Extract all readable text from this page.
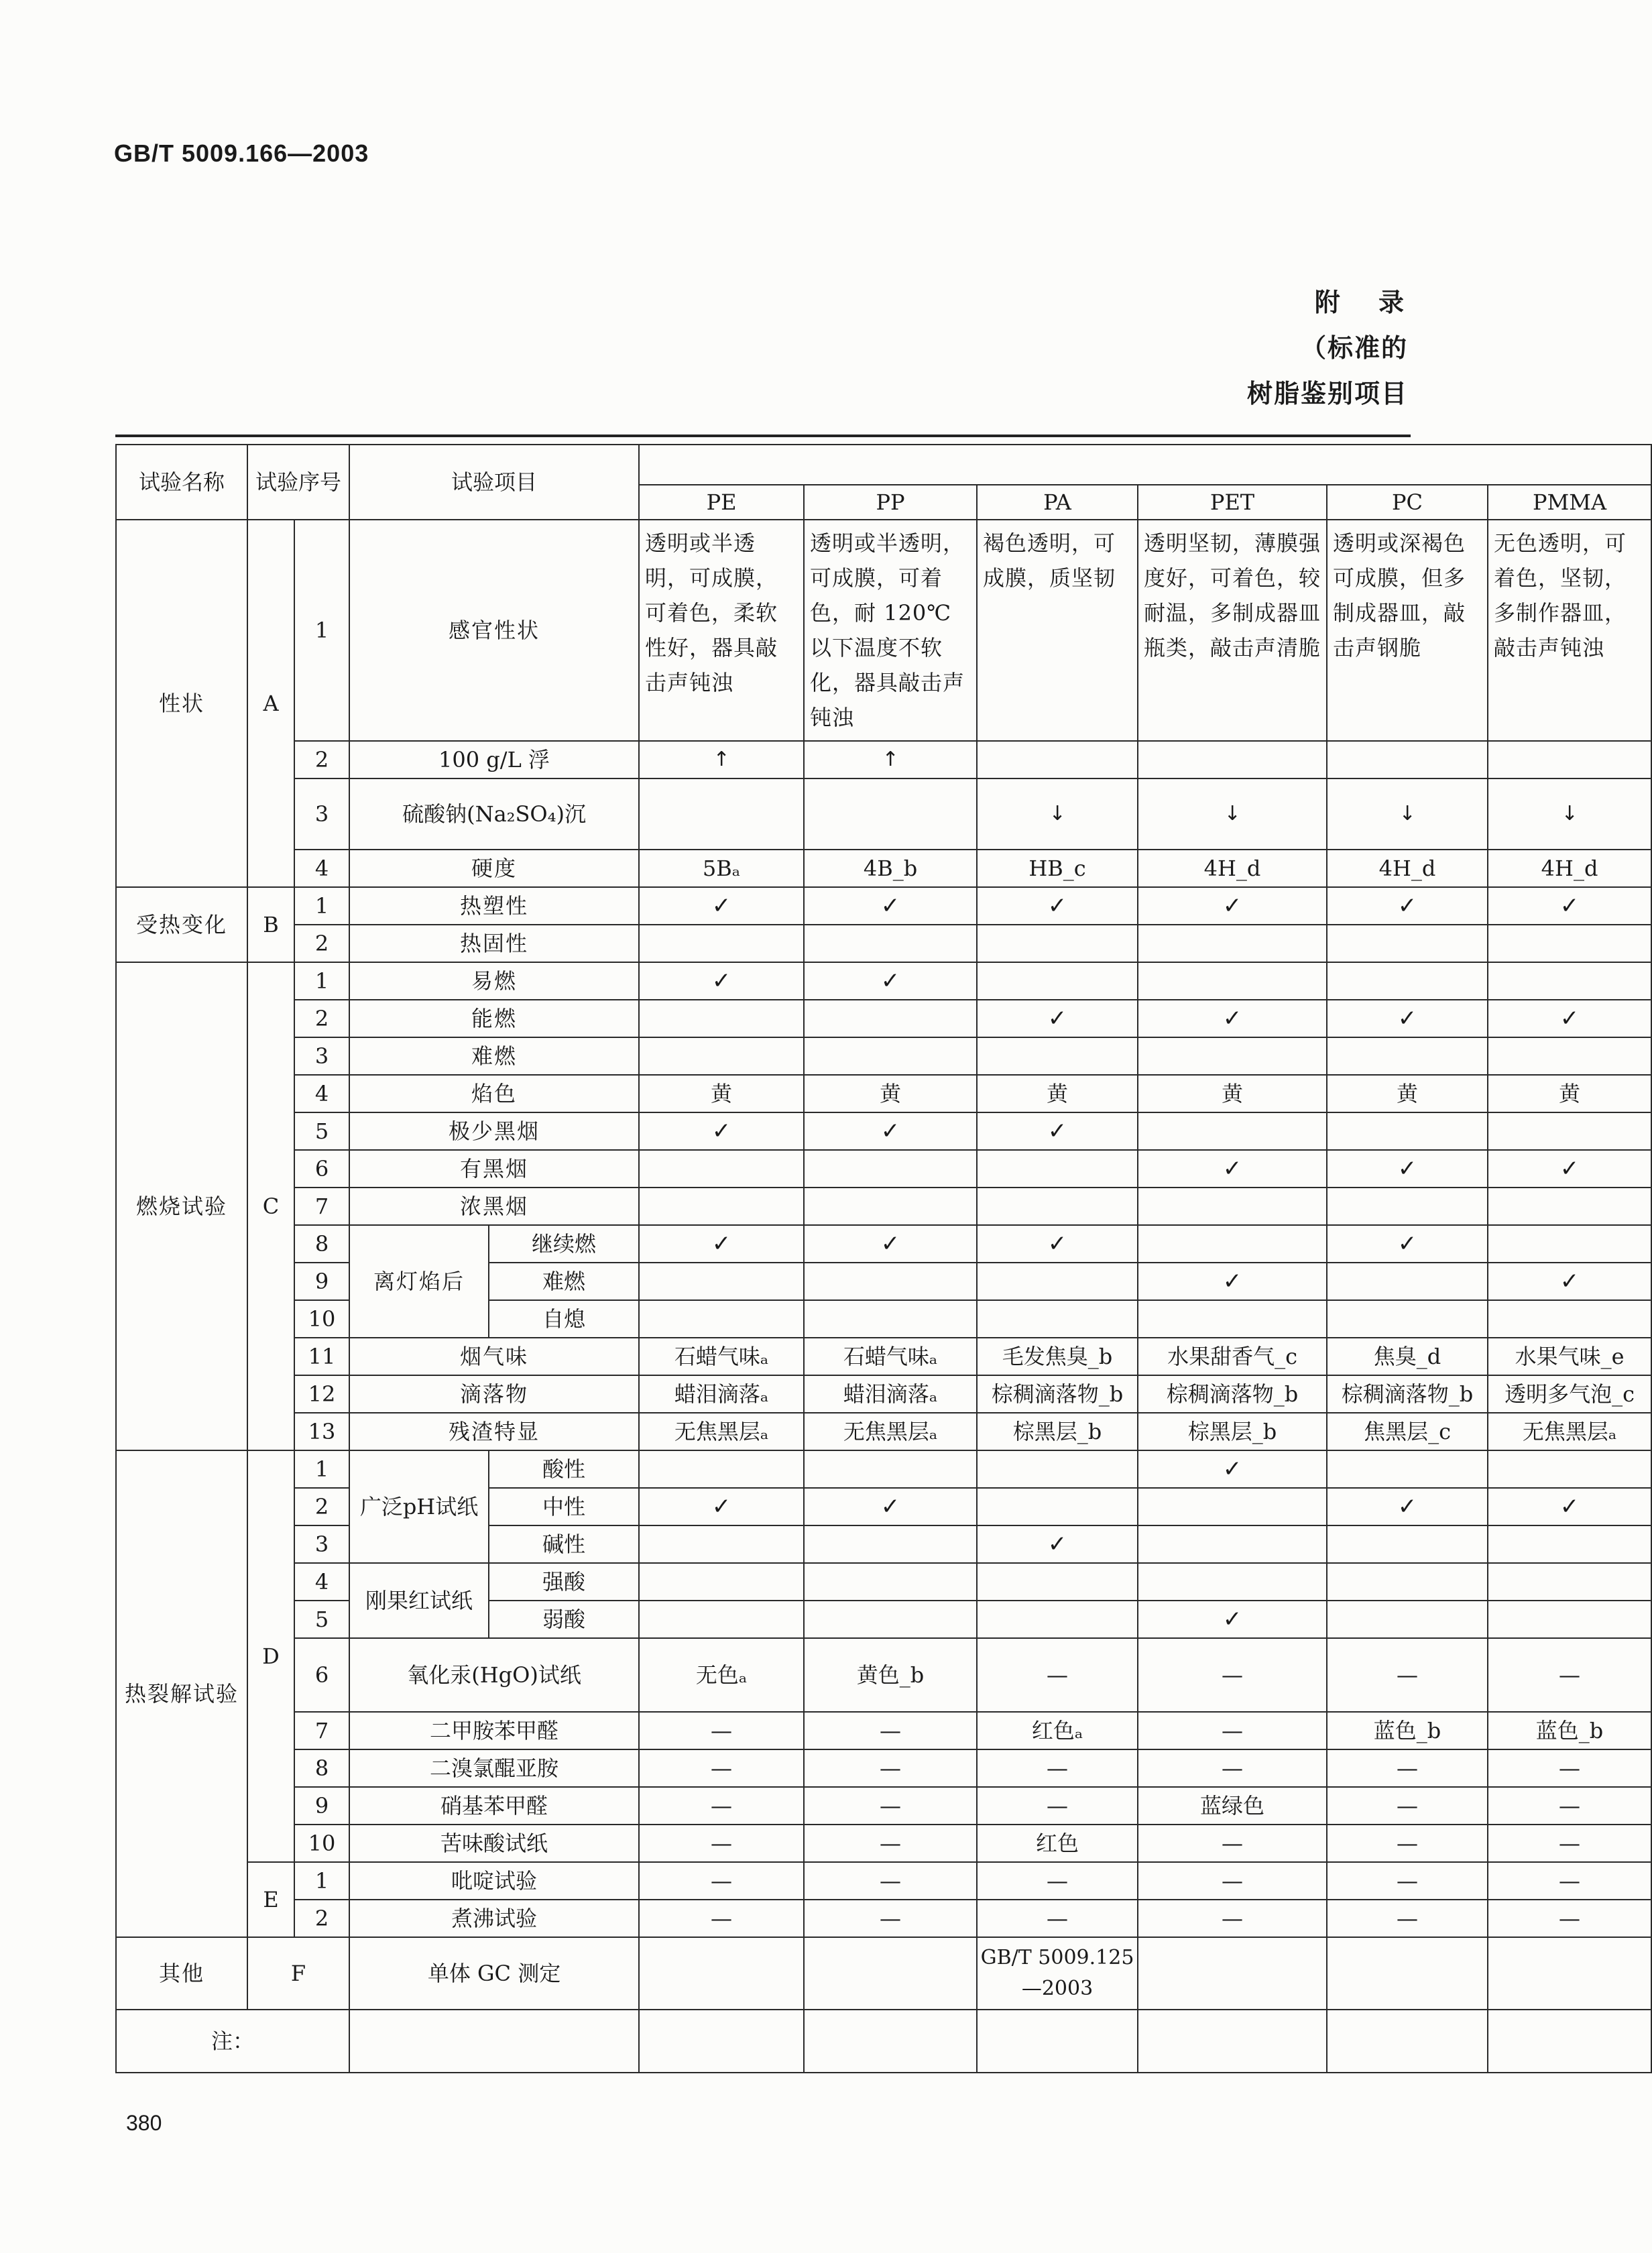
GB/T 5009.166—2003
附 录
（标准的
树脂鉴别项目
试验名称	试验序号		试验项目							
					PE	PP	PA	PET	PC	PMMA
性状	A	1	感官性状		透明或半透明，可成膜，可着色，柔软性好，器具敲击声钝浊	透明或半透明，可成膜，可着色，耐 120℃ 以下温度不软化，器具敲击声钝浊	褐色透明，可成膜，质坚韧	透明坚韧，薄膜强度好，可着色，较耐温，多制成器皿瓶类，敲击声清脆	透明或深褐色可成膜，但多制成器皿，敲击声钢脆	无色透明，可着色，坚韧，多制作器皿，敲击声钝浊
		2	100 g/L 浮		↑	↑				
		3	硫酸钠(Na₂SO₄)沉				↓	↓	↓	↓
		4	硬度		5Bₐ	4B_b	HB_c	4H_d	4H_d	4H_d
受热变化	B	1	热塑性		✓	✓	✓	✓	✓	✓
		2	热固性							
燃烧试验	C	1	易燃		✓	✓				
		2	能燃				✓	✓	✓	✓
		3	难燃							
		4	焰色		黄	黄	黄	黄	黄	黄
		5	极少黑烟		✓	✓	✓			
		6	有黑烟					✓	✓	✓
		7	浓黑烟							
		8	离灯焰后	继续燃	✓	✓	✓		✓	
		9		难燃				✓		✓
		10		自熄						
		11	烟气味		石蜡气味ₐ	石蜡气味ₐ	毛发焦臭_b	水果甜香气_c	焦臭_d	水果气味_e
		12	滴落物		蜡泪滴落ₐ	蜡泪滴落ₐ	棕稠滴落物_b	棕稠滴落物_b	棕稠滴落物_b	透明多气泡_c
		13	残渣特显		无焦黑层ₐ	无焦黑层ₐ	棕黑层_b	棕黑层_b	焦黑层_c	无焦黑层ₐ
热裂解试验	D	1	广泛pH试纸	酸性				✓		
		2		中性	✓	✓			✓	✓
		3		碱性			✓			
		4	刚果红试纸	强酸						
		5		弱酸				✓		
		6	氧化汞(HgO)试纸		无色ₐ	黄色_b	—	—	—	—
		7	二甲胺苯甲醛		—	—	红色ₐ	—	蓝色_b	蓝色_b
		8	二溴氯醌亚胺		—	—	—	—	—	—
		9	硝基苯甲醛		—	—	—	蓝绿色	—	—
		10	苦味酸试纸		—	—	红色	—	—	—
	E	1	吡啶试验		—	—	—	—	—	—
		2	煮沸试验		—	—	—	—	—	—
其他	F		单体 GC 测定				GB/T 5009.125—2003			
注：										
380
